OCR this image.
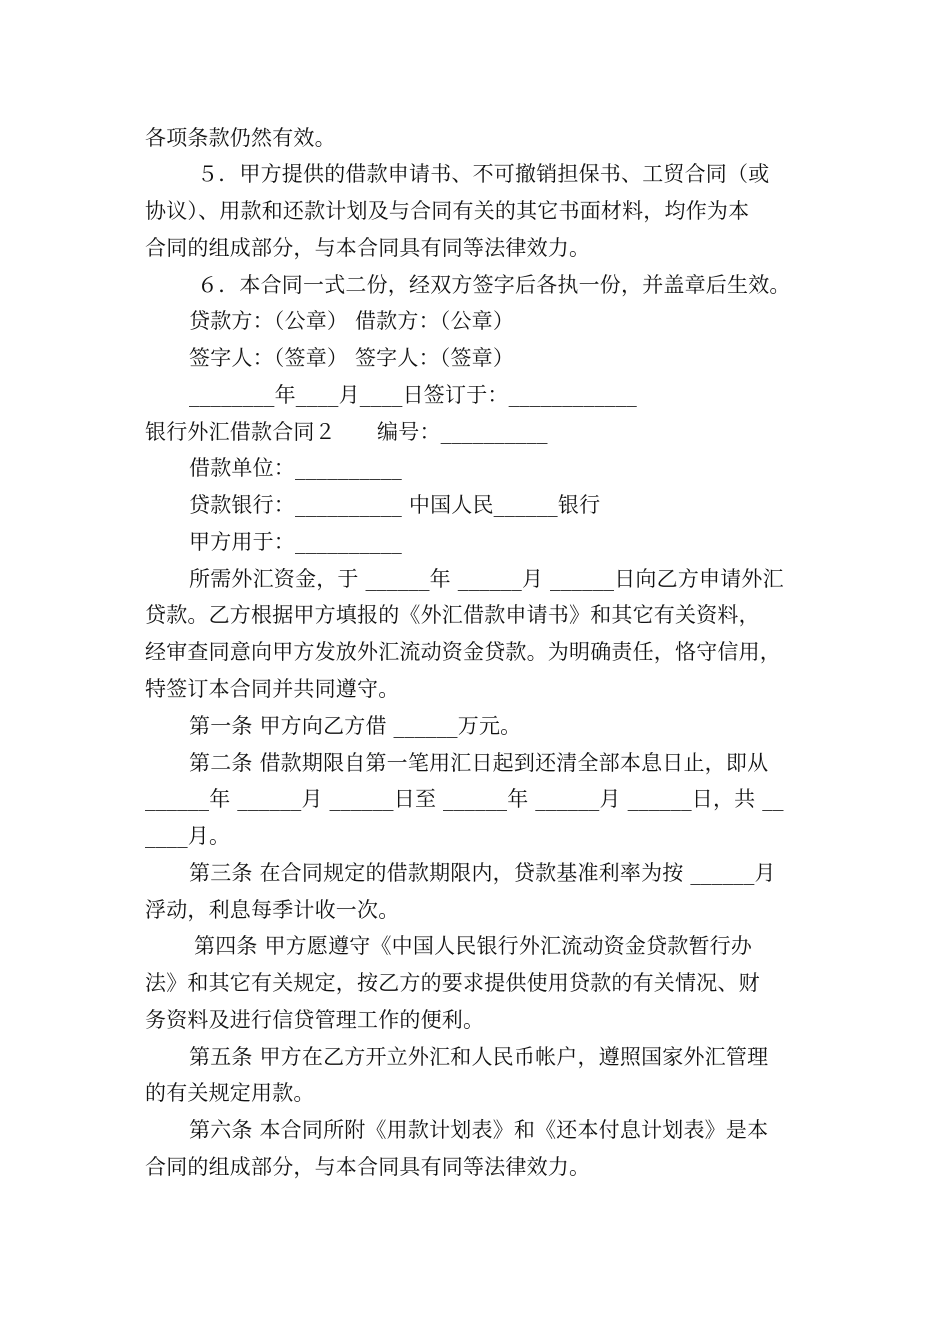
各项条款仍然有效。
５．甲方提供的借款申请书、不可撤销担保书、工贸合同（或
协议）、用款和还款计划及与合同有关的其它书面材料，均作为本
合同的组成部分，与本合同具有同等法律效力。
６．本合同一式二份，经双方签字后各执一份，并盖章后生效。
贷款方：（公章） 借款方：（公章）
签字人：（签章） 签字人：（签章）
________年____月____日签订于：____________
银行外汇借款合同２      编号：__________
借款单位：__________
贷款银行：__________ 中国人民______银行
甲方用于：__________
所需外汇资金，于 ______年 ______月 ______日向乙方申请外汇
贷款。乙方根据甲方填报的《外汇借款申请书》和其它有关资料，
经审查同意向甲方发放外汇流动资金贷款。为明确责任，恪守信用，
特签订本合同并共同遵守。
第一条 甲方向乙方借 ______万元。
第二条 借款期限自第一笔用汇日起到还清全部本息日止，即从
______年 ______月 ______日至 ______年 ______月 ______日，共 __
____月。
第三条 在合同规定的借款期限内，贷款基准利率为按 ______月
浮动，利息每季计收一次。
第四条 甲方愿遵守《中国人民银行外汇流动资金贷款暂行办
法》和其它有关规定，按乙方的要求提供使用贷款的有关情况、财
务资料及进行信贷管理工作的便利。
第五条 甲方在乙方开立外汇和人民币帐户，遵照国家外汇管理
的有关规定用款。
第六条 本合同所附《用款计划表》和《还本付息计划表》是本
合同的组成部分，与本合同具有同等法律效力。
